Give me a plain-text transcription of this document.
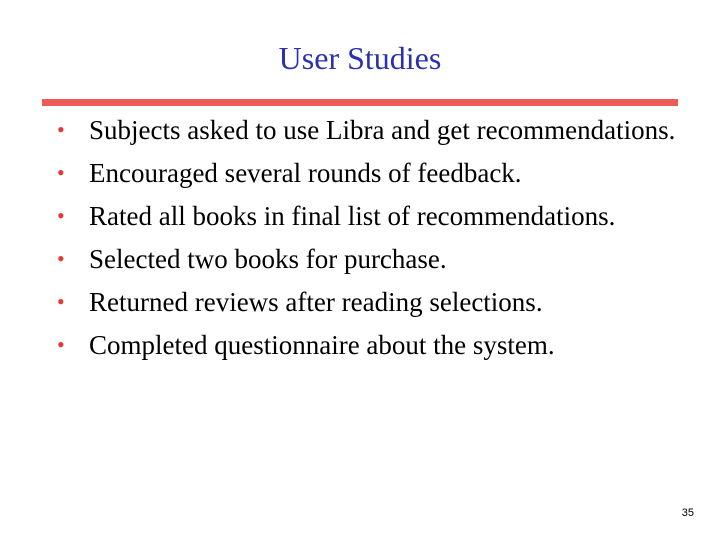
User Studies
• Subjects asked to use Libra and get recommendations.
• Encouraged several rounds of feedback.
• Rated all books in final list of recommendations.
• Selected two books for purchase.
• Returned reviews after reading selections.
• Completed questionnaire about the system.
35
